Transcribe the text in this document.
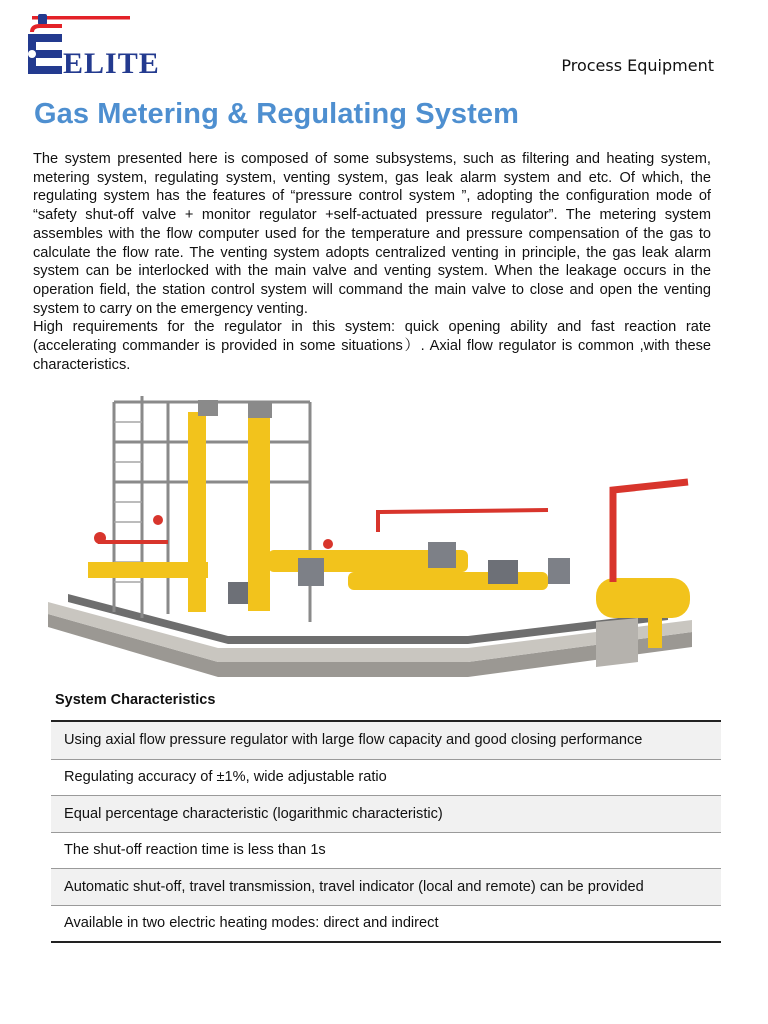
ELITE	Process Equipment
Gas Metering & Regulating System

The system presented here is composed of some subsystems, such as filtering and heating system, metering system, regulating system, venting system, gas leak alarm system and etc. Of which, the regulating system has the features of “pressure control system ”, adopting the configuration mode of “safety shut-off valve + monitor regulator +self-actuated pressure regulator”. The metering system assembles with the flow computer used for the temperature and pressure compensation of the gas to calculate the flow rate. The venting system adopts centralized venting in principle, the gas leak alarm system can be interlocked with the main valve and venting system. When the leakage occurs in the operation field, the station control system will command the main valve to close and open the venting system to carry on the emergency venting.

High requirements for the regulator in this system: quick opening ability and fast reaction rate (accelerating commander is provided in some situations）. Axial flow regulator is common ,with these characteristics.

System Characteristics
Using axial flow pressure regulator with large flow capacity and good closing performance
Regulating accuracy of ±1%, wide adjustable ratio
Equal percentage characteristic (logarithmic characteristic)
The shut-off reaction time is less than 1s
Automatic shut-off, travel transmission, travel indicator (local and remote) can be provided
Available in two electric heating modes: direct and indirect
